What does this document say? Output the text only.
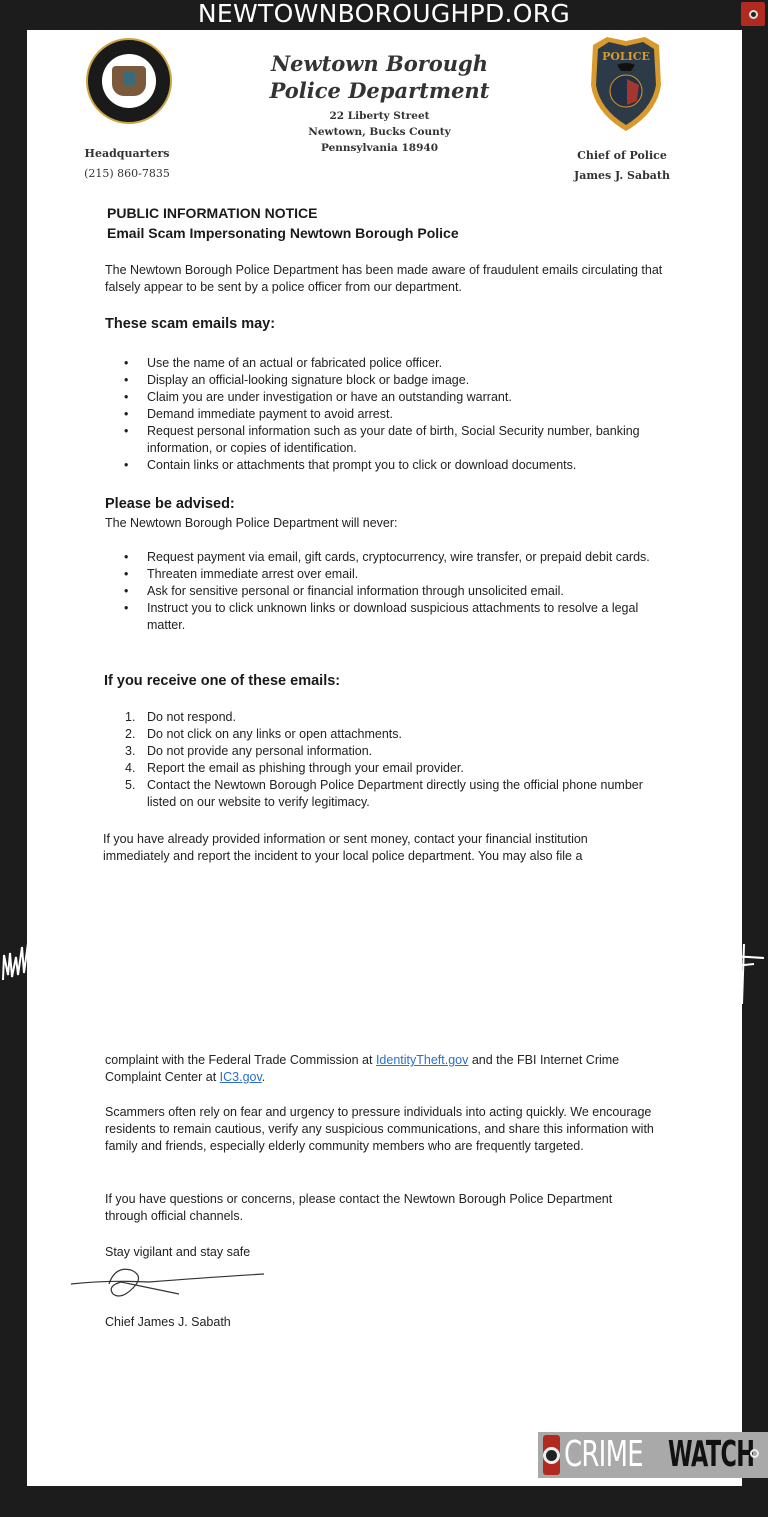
NEWTOWNBOROUGHPD.ORG
Newtown Borough
Police Department
22 Liberty Street
Newtown, Bucks County
Pennsylvania 18940
POLICE
Headquarters
(215) 860-7835
Chief of Police
James J. Sabath
PUBLIC INFORMATION NOTICE
Email Scam Impersonating Newtown Borough Police
The Newtown Borough Police Department has been made aware of fraudulent emails circulating that falsely appear to be sent by a police officer from our department.
These scam emails may:
• Use the name of an actual or fabricated police officer.
• Display an official-looking signature block or badge image.
• Claim you are under investigation or have an outstanding warrant.
• Demand immediate payment to avoid arrest.
• Request personal information such as your date of birth, Social Security number, banking information, or copies of identification.
• Contain links or attachments that prompt you to click or download documents.
Please be advised:
The Newtown Borough Police Department will never:
• Request payment via email, gift cards, cryptocurrency, wire transfer, or prepaid debit cards.
• Threaten immediate arrest over email.
• Ask for sensitive personal or financial information through unsolicited email.
• Instruct you to click unknown links or download suspicious attachments to resolve a legal matter.
If you receive one of these emails:
1. Do not respond.
2. Do not click on any links or open attachments.
3. Do not provide any personal information.
4. Report the email as phishing through your email provider.
5. Contact the Newtown Borough Police Department directly using the official phone number listed on our website to verify legitimacy.
If you have already provided information or sent money, contact your financial institution immediately and report the incident to your local police department. You may also file a
complaint with the Federal Trade Commission at IdentityTheft.gov and the FBI Internet Crime Complaint Center at IC3.gov.
Scammers often rely on fear and urgency to pressure individuals into acting quickly. We encourage residents to remain cautious, verify any suspicious communications, and share this information with family and friends, especially elderly community members who are frequently targeted.
If you have questions or concerns, please contact the Newtown Borough Police Department through official channels.
Stay vigilant and stay safe
Chief James J. Sabath
CRIME WATCH
